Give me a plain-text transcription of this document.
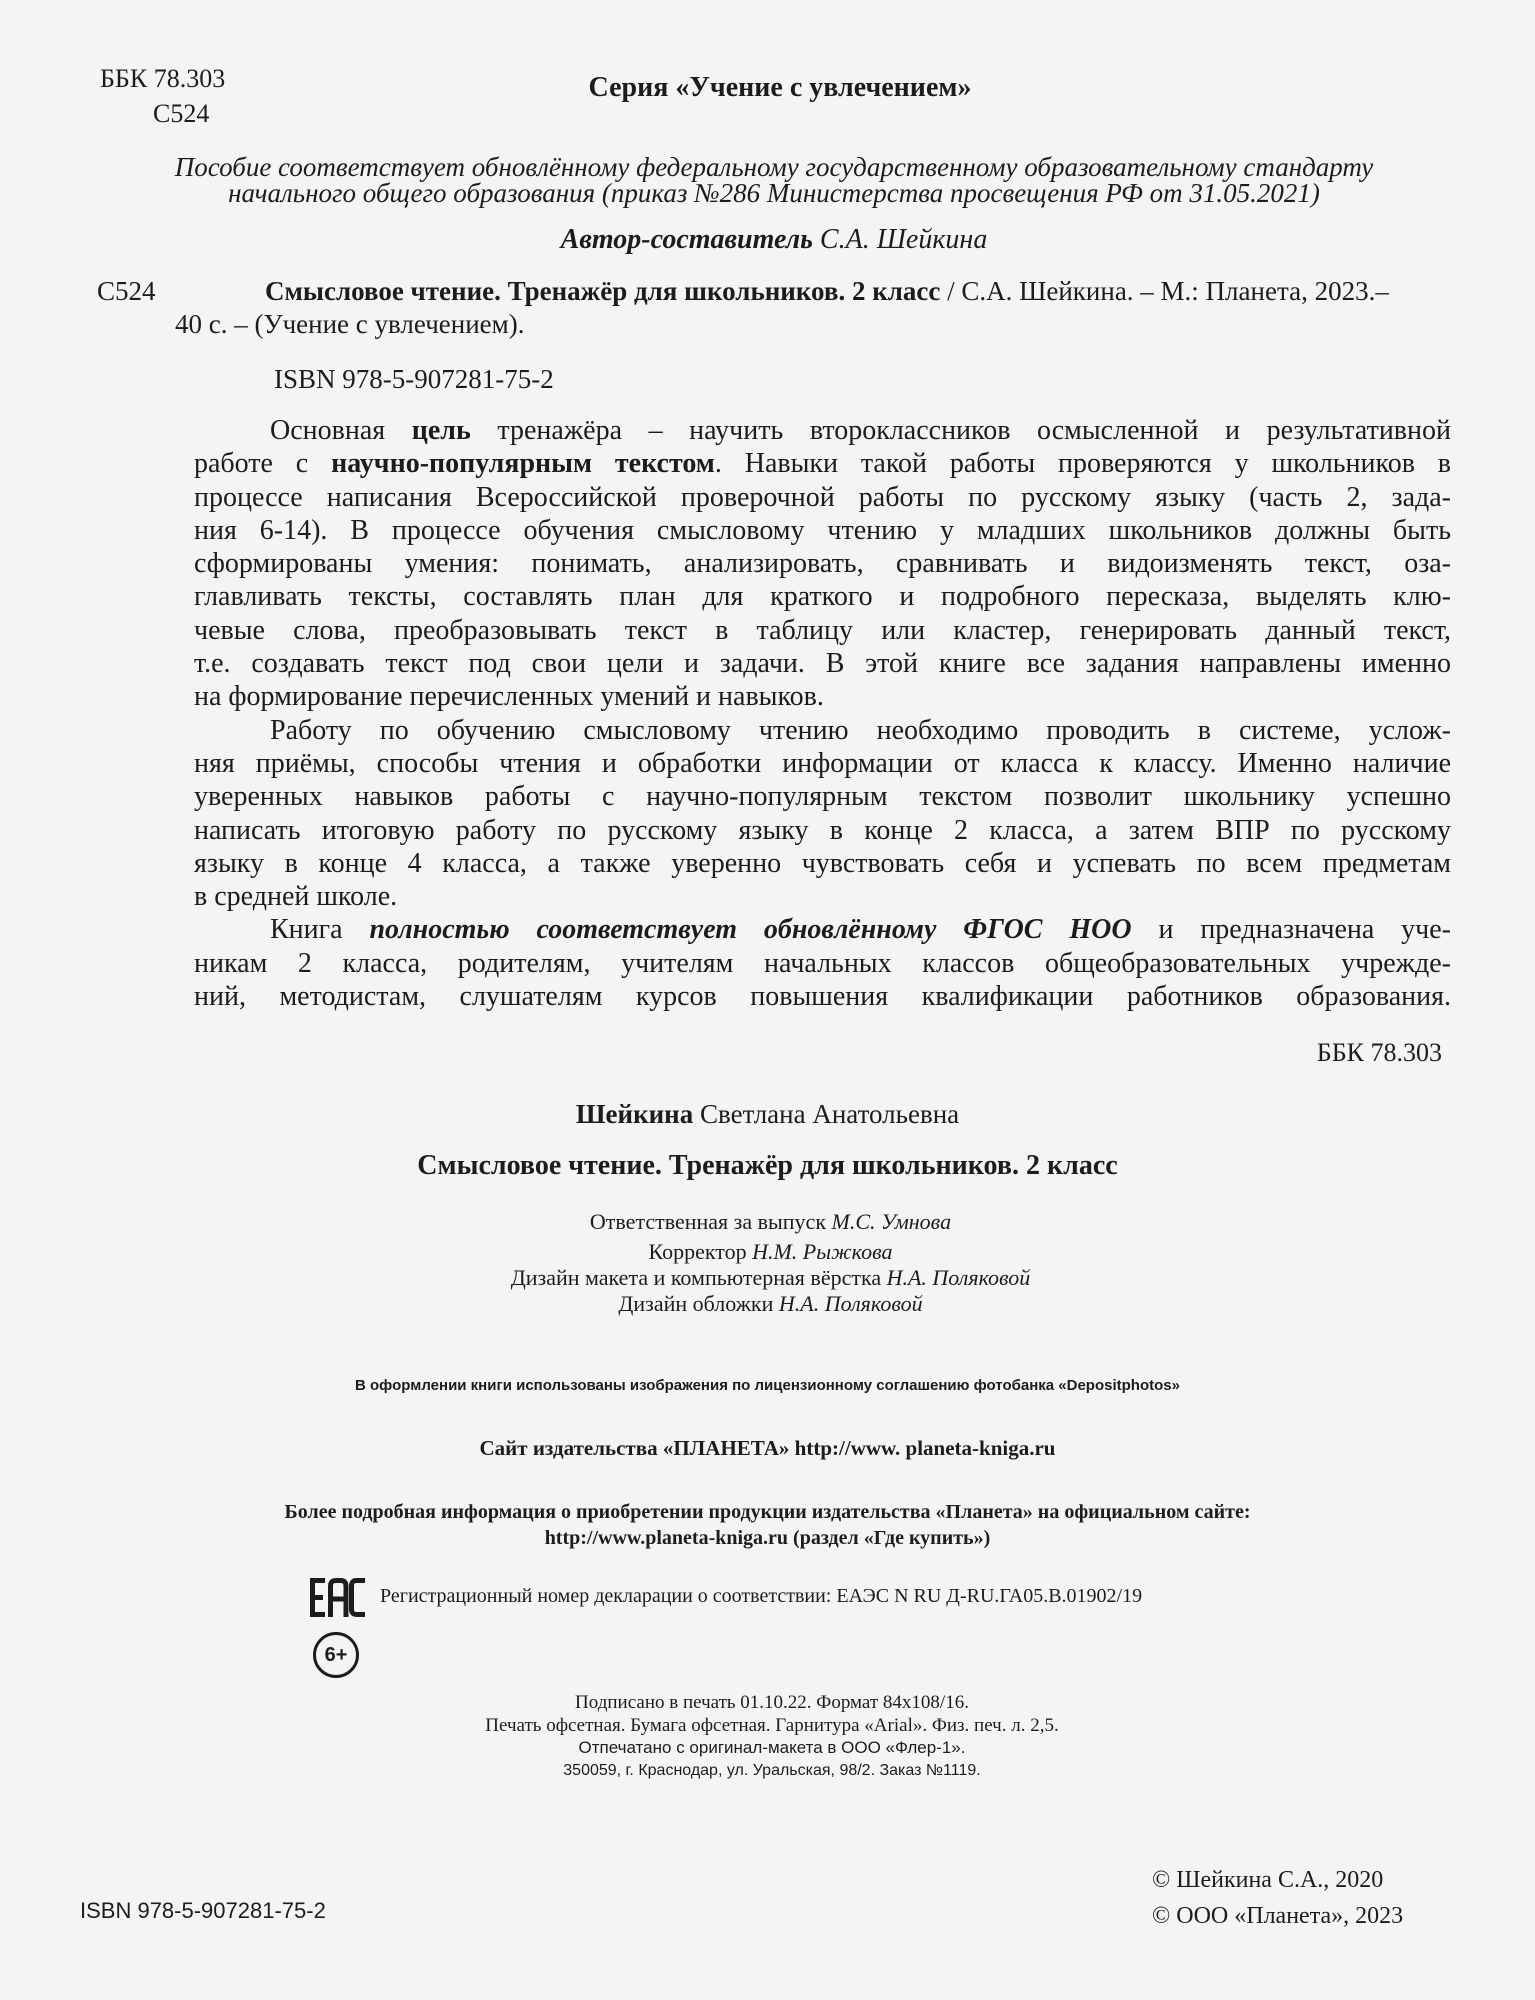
ББК 78.303
С524
Серия «Учение с увлечением»
Пособие соответствует обновлённому федеральному государственному образовательному стандарту
начального общего образования (приказ №286 Министерства просвещения РФ от 31.05.2021)
Автор-составитель С.А. Шейкина
С524	Смысловое чтение. Тренажёр для школьников. 2 класс / С.А. Шейкина. – М.: Планета, 2023.–
40 с. – (Учение с увлечением).
ISBN 978-5-907281-75-2
Основная цель тренажёра – научить второклассников осмысленной и результативной
работе с научно-популярным текстом. Навыки такой работы проверяются у школьников в
процессе написания Всероссийской проверочной работы по русскому языку (часть 2, зада-
ния 6-14). В процессе обучения смысловому чтению у младших школьников должны быть
сформированы умения: понимать, анализировать, сравнивать и видоизменять текст, оза-
главливать тексты, составлять план для краткого и подробного пересказа, выделять клю-
чевые слова, преобразовывать текст в таблицу или кластер, генерировать данный текст,
т.е. создавать текст под свои цели и задачи. В этой книге все задания направлены именно
на формирование перечисленных умений и навыков.
Работу по обучению смысловому чтению необходимо проводить в системе, услож-
няя приёмы, способы чтения и обработки информации от класса к классу. Именно наличие
уверенных навыков работы с научно-популярным текстом позволит школьнику успешно
написать итоговую работу по русскому языку в конце 2 класса, а затем ВПР по русскому
языку в конце 4 класса, а также уверенно чувствовать себя и успевать по всем предметам
в средней школе.
Книга полностью соответствует обновлённому ФГОС НОО и предназначена уче-
никам 2 класса, родителям, учителям начальных классов общеобразовательных учрежде-
ний, методистам, слушателям курсов повышения квалификации работников образования.
ББК 78.303
Шейкина Светлана Анатольевна
Смысловое чтение. Тренажёр для школьников. 2 класс
Ответственная за выпуск М.С. Умнова
Корректор Н.М. Рыжкова
Дизайн макета и компьютерная вёрстка Н.А. Поляковой
Дизайн обложки Н.А. Поляковой
В оформлении книги использованы изображения по лицензионному соглашению фотобанка «Depositphotos»
Сайт издательства «ПЛАНЕТА» http://www. planeta-kniga.ru
Более подробная информация о приобретении продукции издательства «Планета» на официальном сайте:
http://www.planeta-kniga.ru (раздел «Где купить»)
Регистрационный номер декларации о соответствии: ЕАЭС N RU Д-RU.ГА05.В.01902/19
6+
Подписано в печать 01.10.22. Формат 84х108/16.
Печать офсетная. Бумага офсетная. Гарнитура «Arial». Физ. печ. л. 2,5.
Отпечатано с оригинал-макета в ООО «Флер-1».
350059, г. Краснодар, ул. Уральская, 98/2. Заказ №1119.
ISBN 978-5-907281-75-2
© Шейкина С.А., 2020
© ООО «Планета», 2023
